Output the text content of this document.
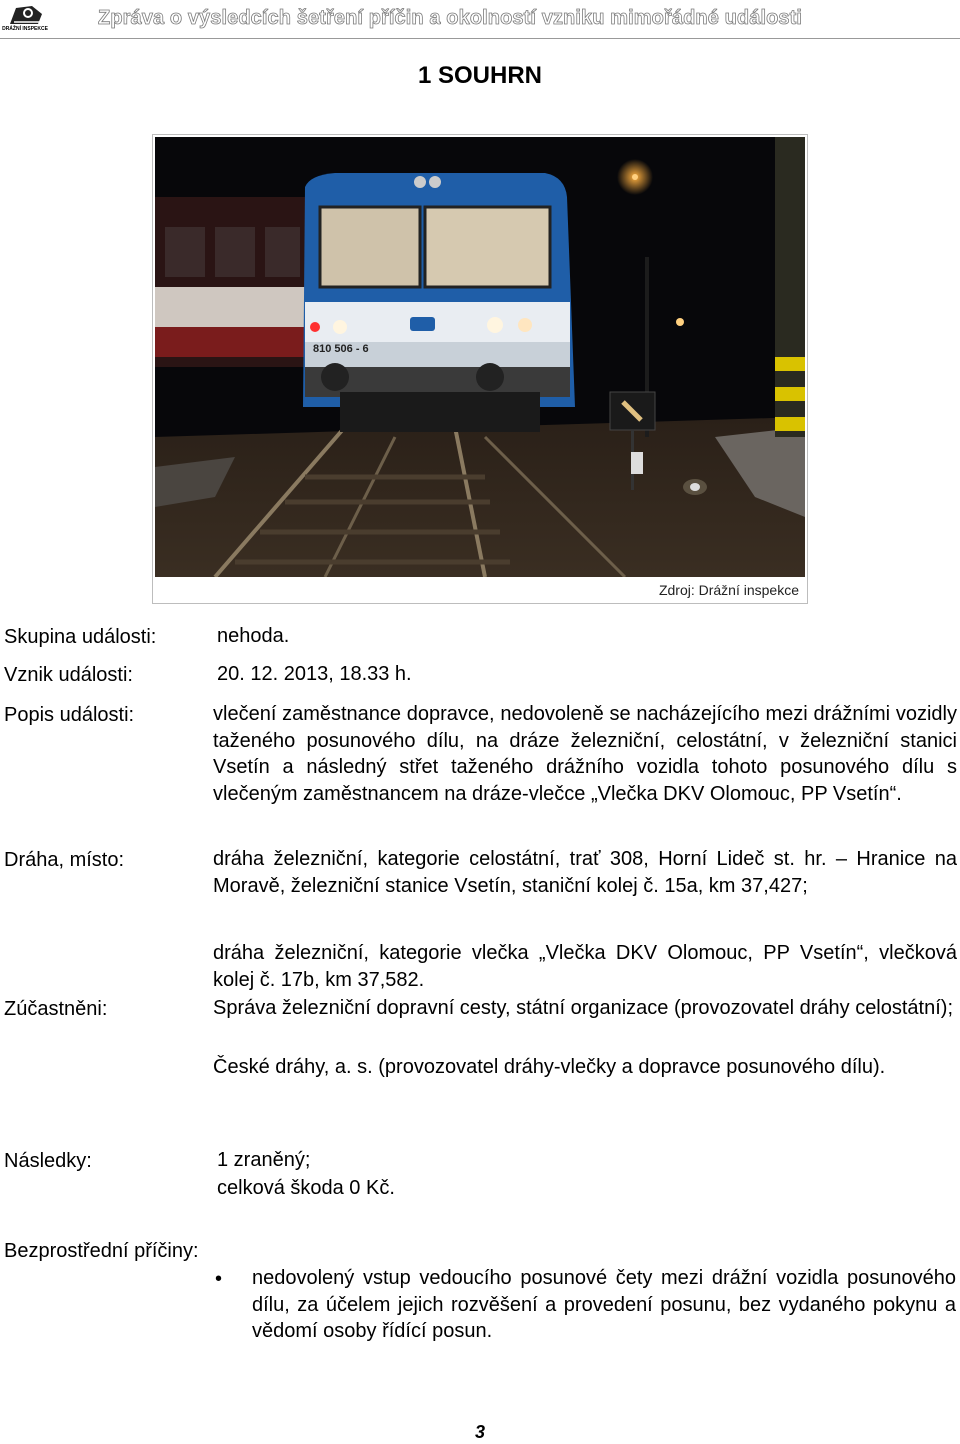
DRÁŽNÍ INSPEKCE	Zpráva o výsledcích šetření příčin a okolností vzniku mimořádné události
1 SOUHRN
810 506 - 6
Zdroj: Drážní inspekce
Skupina události:	nehoda.
Vznik události:	20. 12. 2013, 18.33 h.
Popis události:	vlečení zaměstnance dopravce, nedovoleně se nacházejícího mezi drážními vozidly taženého posunového dílu, na dráze železniční, celostátní, v železniční stanici Vsetín a následný střet taženého drážního vozidla tohoto posunového dílu s vlečeným zaměstnancem na dráze-vlečce „Vlečka DKV Olomouc, PP Vsetín“.
Dráha, místo:	dráha železniční, kategorie celostátní, trať 308, Horní Lideč st. hr. – Hranice na Moravě, železniční stanice Vsetín, staniční kolej č. 15a, km 37,427;
dráha železniční, kategorie vlečka „Vlečka DKV Olomouc, PP Vsetín“, vlečková kolej č. 17b, km 37,582.
Zúčastněni:	Správa železniční dopravní cesty, státní organizace (provozovatel dráhy celostátní);
České dráhy, a. s. (provozovatel dráhy-vlečky a dopravce posunového dílu).
Následky:	1 zraněný;
celková škoda 0 Kč.
Bezprostřední příčiny:
• nedovolený vstup vedoucího posunové čety mezi drážní vozidla posunového dílu, za účelem jejich rozvěšení a provedení posunu, bez vydaného pokynu a vědomí osoby řídící posun.
3
